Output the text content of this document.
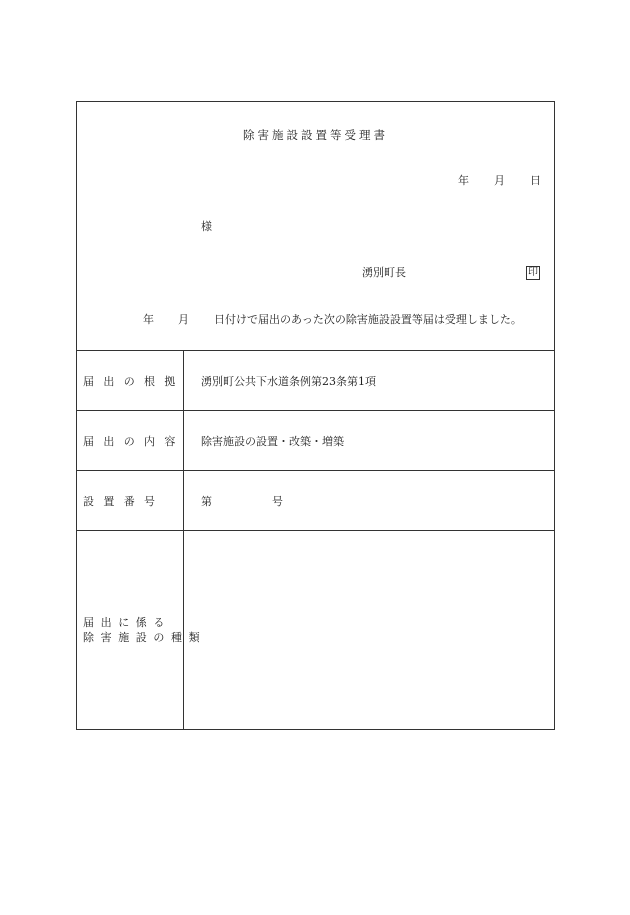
除害施設設置等受理書
年 月 日
様
湧別町長	印
年 月 日付けで届出のあった次の除害施設設置等届は受理しました。
届出の根拠 湧別町公共下水道条例第23条第1項
届出の内容 除害施設の設置・改築・増築
設置番号	第	号
届出に係る
除害施設の種類
